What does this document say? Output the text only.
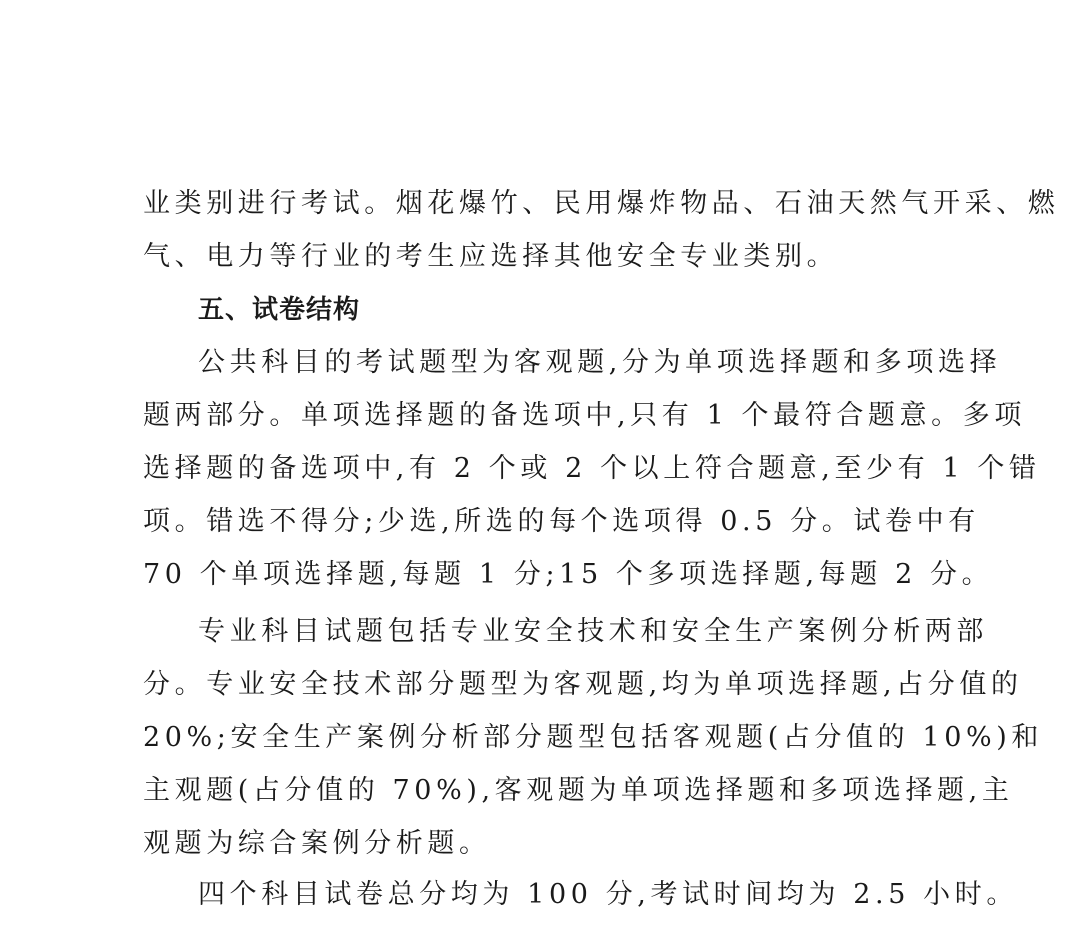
业类别进行考试。烟花爆竹、民用爆炸物品、石油天然气开采、燃
气、电力等行业的考生应选择其他安全专业类别。
五、试卷结构
公共科目的考试题型为客观题,分为单项选择题和多项选择
题两部分。单项选择题的备选项中,只有 1 个最符合题意。多项
选择题的备选项中,有 2 个或 2 个以上符合题意,至少有 1 个错
项。错选不得分;少选,所选的每个选项得 0.5 分。试卷中有
70 个单项选择题,每题 1 分;15 个多项选择题,每题 2 分。
专业科目试题包括专业安全技术和安全生产案例分析两部
分。专业安全技术部分题型为客观题,均为单项选择题,占分值的
20%;安全生产案例分析部分题型包括客观题(占分值的 10%)和
主观题(占分值的 70%),客观题为单项选择题和多项选择题,主
观题为综合案例分析题。
四个科目试卷总分均为 100 分,考试时间均为 2.5 小时。
